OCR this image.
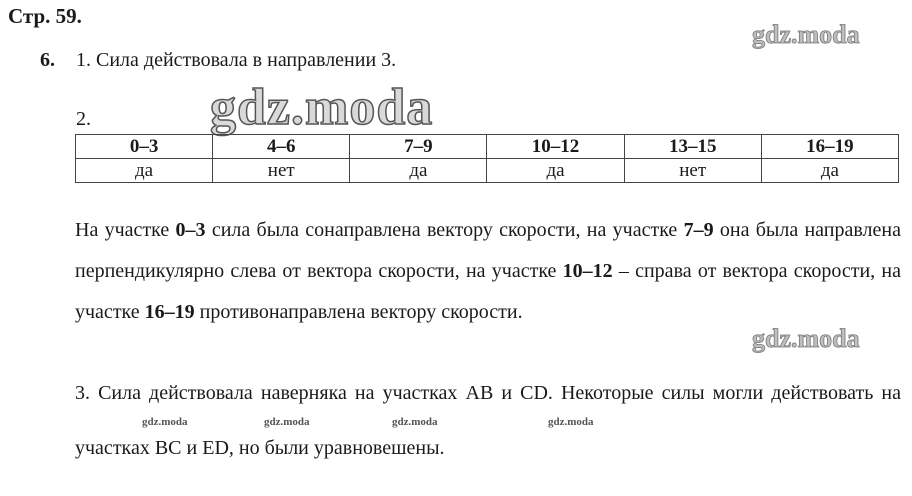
Стр. 59.
gdz.moda
6. 1. Сила действовала в направлении 3.
gdz.moda
2.
0–3	4–6	7–9	10–12	13–15	16–19
да	нет	да	да	нет	да
На участке 0–3 сила была сонаправлена вектору скорости, на участке 7–9 она была направлена перпендикулярно слева от вектора скорости, на участке 10–12 – справа от вектора скорости, на участке 16–19 противонаправлена вектору скорости.
gdz.moda
3. Сила действовала наверняка на участках AB и CD. Некоторые силы могли действовать на участках BC и ED, но были уравновешены.
gdz.moda	gdz.moda	gdz.moda	gdz.moda
